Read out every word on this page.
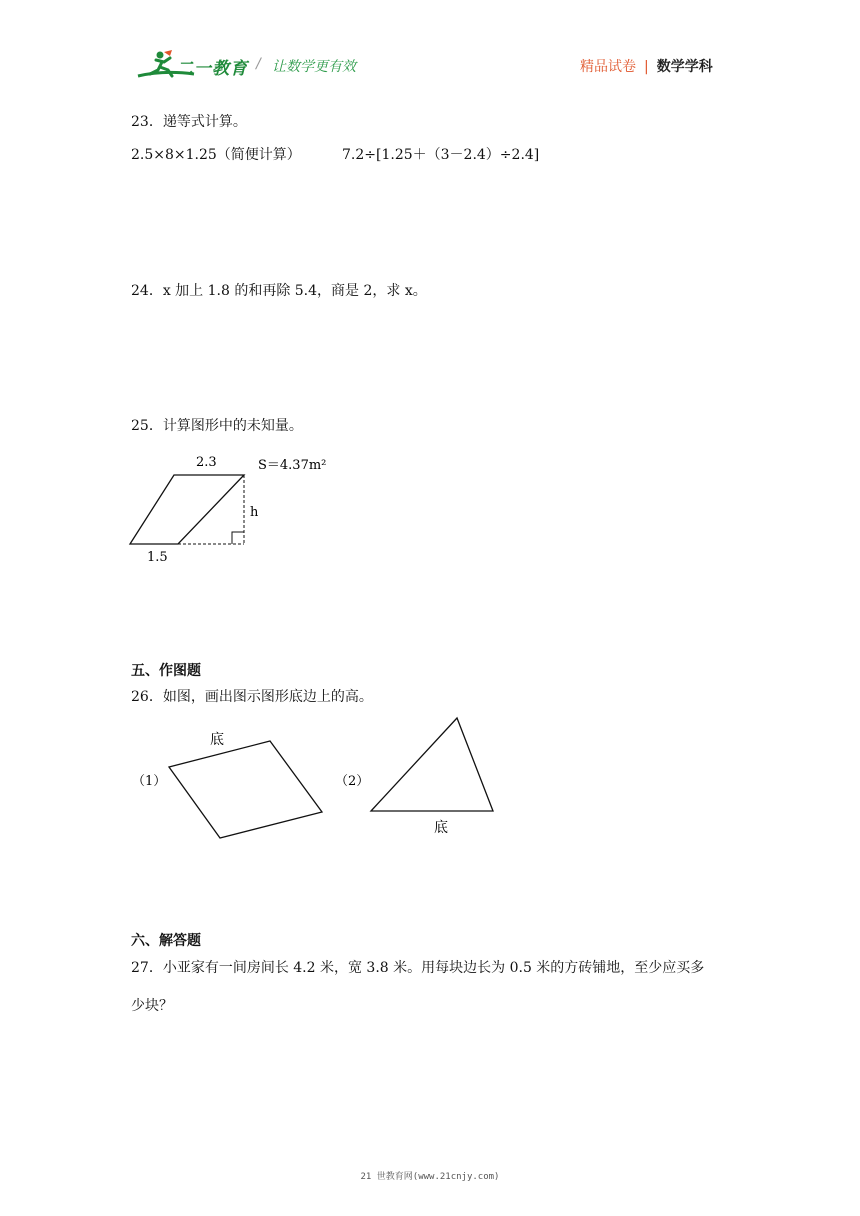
二一教育 / 让数学更有效	精品试卷 | 数学学科
23．递等式计算。
2.5×8×1.25（简便计算）	7.2÷[1.25＋（3－2.4）÷2.4]
24．x 加上 1.8 的和再除 5.4，商是 2，求 x。
25．计算图形中的未知量。
2.3
1.5
h
S＝4.37m²
五、作图题
26．如图，画出图示图形底边上的高。
（1）
底
（2）
底
六、解答题
27．小亚家有一间房间长 4.2 米，宽 3.8 米。用每块边长为 0.5 米的方砖铺地，至少应买多
少块？
21 世教育网(www.21cnjy.com)
